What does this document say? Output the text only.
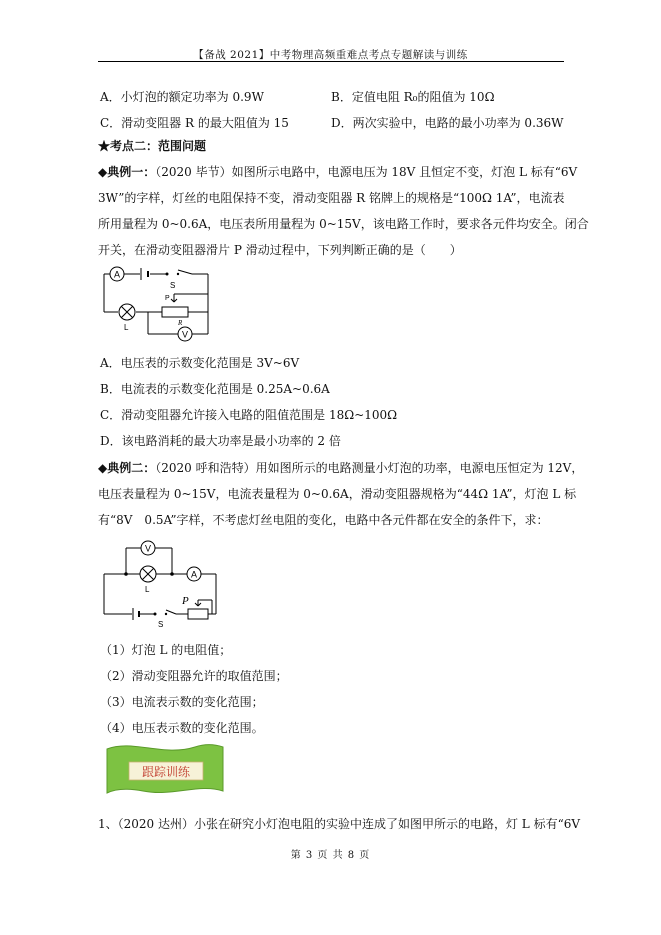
【备战 2021】中考物理高频重难点考点专题解读与训练
A．小灯泡的额定功率为 0.9W	B．定值电阻 R₀的阻值为 10Ω
C．滑动变阻器 R 的最大阻值为 15	D．两次实验中，电路的最小功率为 0.36W
★考点二：范围问题
◆典例一：（2020 毕节）如图所示电路中，电源电压为 18V 且恒定不变，灯泡 L 标有“6V
3W”的字样，灯丝的电阻保持不变，滑动变阻器 R 铭牌上的规格是“100Ω 1A”，电流表
所用量程为 0~0.6A，电压表所用量程为 0~15V，该电路工作时，要求各元件均安全。闭合
开关，在滑动变阻器滑片 P 滑动过程中，下列判断正确的是（　　）
A
S
L
P
R
V
A．电压表的示数变化范围是 3V~6V
B．电流表的示数变化范围是 0.25A~0.6A
C．滑动变阻器允许接入电路的阻值范围是 18Ω~100Ω
D．该电路消耗的最大功率是最小功率的 2 倍
◆典例二：（2020 呼和浩特）用如图所示的电路测量小灯泡的功率，电源电压恒定为 12V，
电压表量程为 0~15V，电流表量程为 0~0.6A，滑动变阻器规格为“44Ω 1A”，灯泡 L 标
有“8V　0.5A”字样，不考虑灯丝电阻的变化，电路中各元件都在安全的条件下，求：
V
L
A
S
P
（1）灯泡 L 的电阻值；
（2）滑动变阻器允许的取值范围；
（3）电流表示数的变化范围；
（4）电压表示数的变化范围。
跟踪训练
1、（2020 达州）小张在研究小灯泡电阻的实验中连成了如图甲所示的电路，灯 L 标有“6V
第 3 页 共 8 页
